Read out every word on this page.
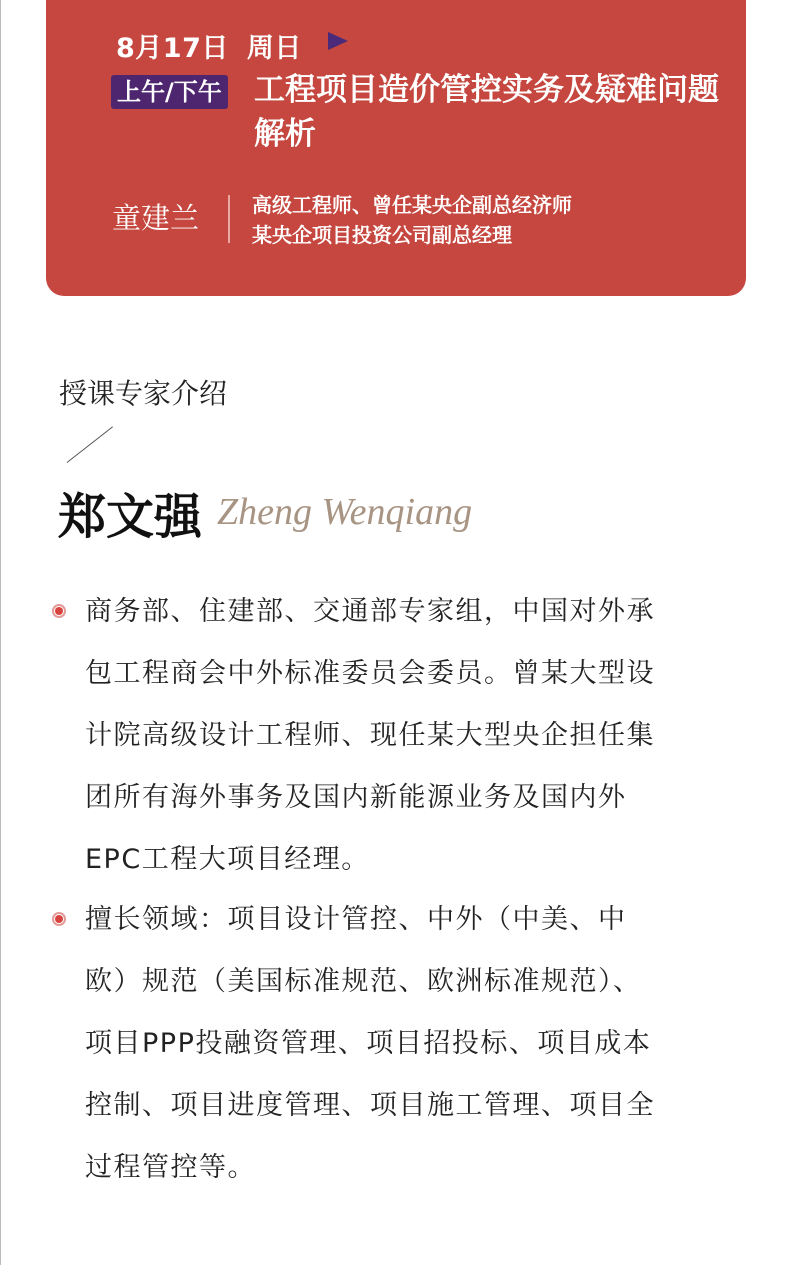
8月17日 周日
上午/下午 工程项目造价管控实务及疑难问题解析
童建兰	高级工程师、曾任某央企副总经济师
某央企项目投资公司副总经理
授课专家介绍
郑文强 Zheng Wenqiang
商务部、住建部、交通部专家组，中国对外承
包工程商会中外标准委员会委员。曾某大型设
计院高级设计工程师、现任某大型央企担任集
团所有海外事务及国内新能源业务及国内外
EPC工程大项目经理。
擅长领域：项目设计管控、中外（中美、中
欧）规范（美国标准规范、欧洲标准规范）、
项目PPP投融资管理、项目招投标、项目成本
控制、项目进度管理、项目施工管理、项目全
过程管控等。
